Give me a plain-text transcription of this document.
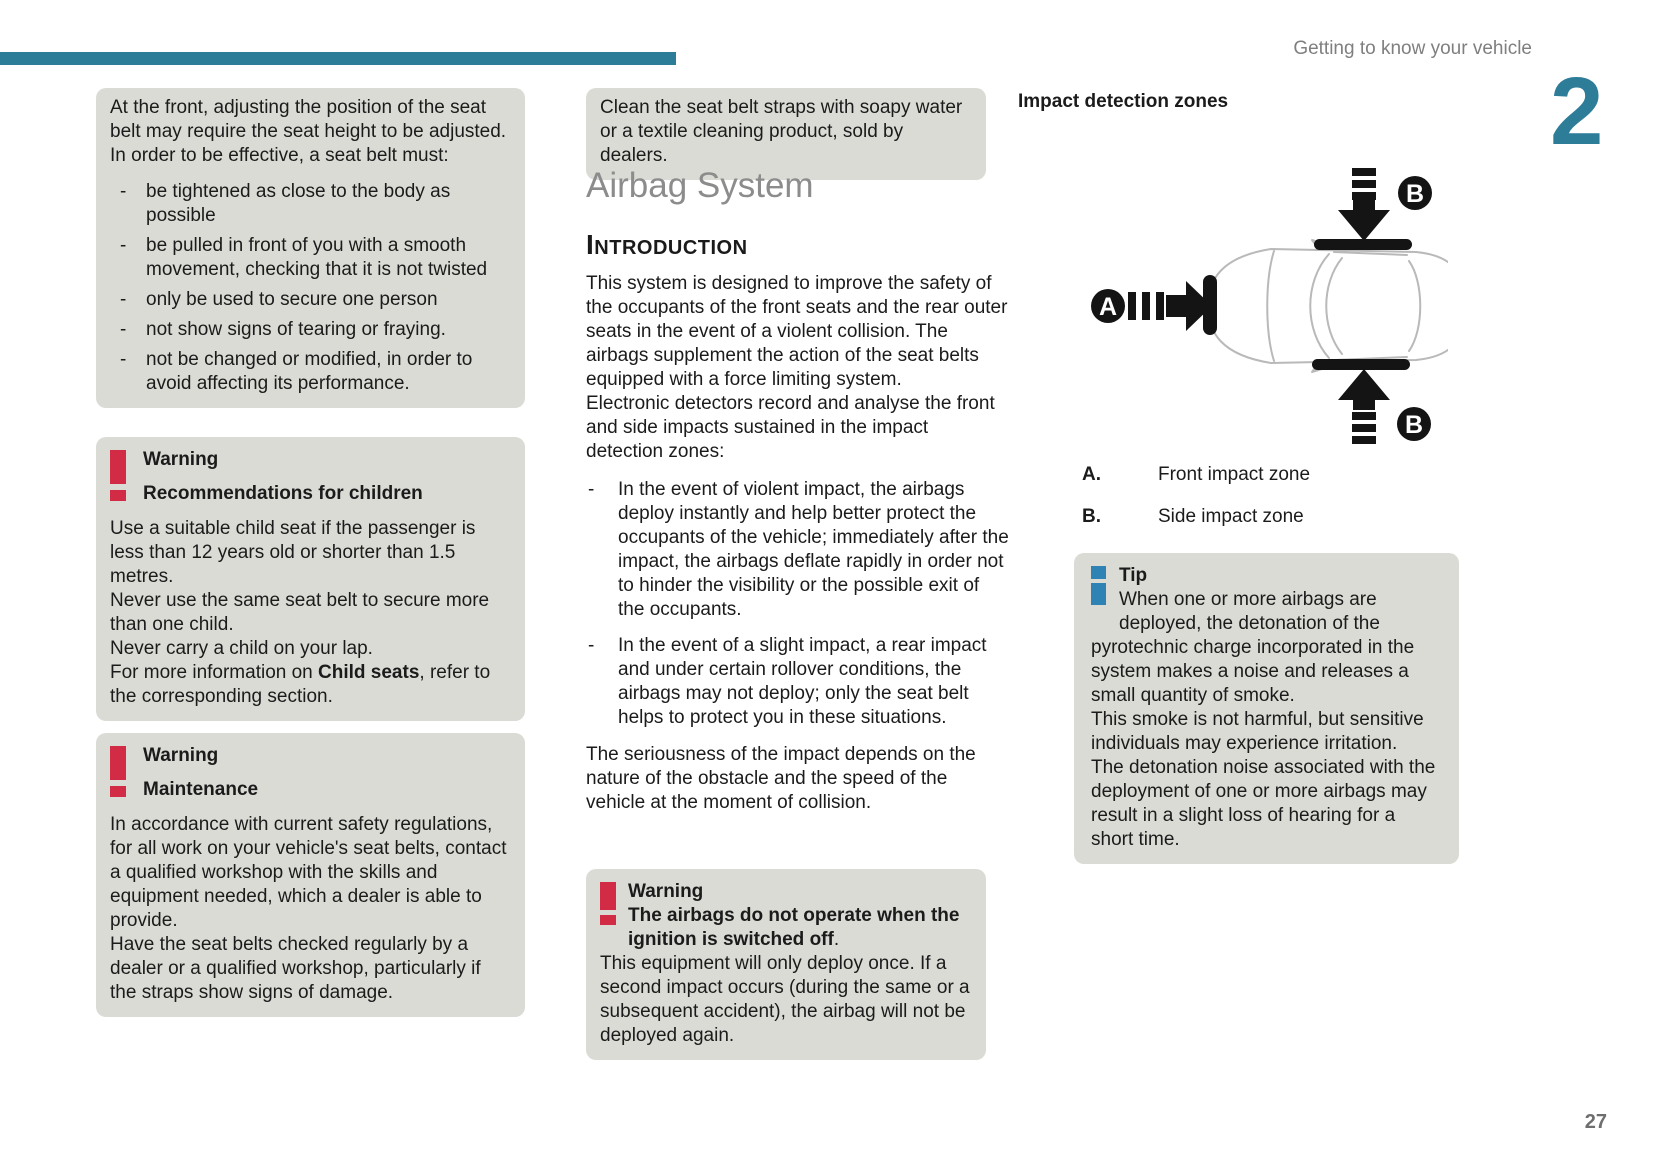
Getting to know your vehicle
2
27
At the front, adjusting the position of the seat belt may require the seat height to be adjusted.
In order to be effective, a seat belt must:
-	be tightened as close to the body as possible
-	be pulled in front of you with a smooth movement, checking that it is not twisted
-	only be used to secure one person
-	not show signs of tearing or fraying.
-	not be changed or modified, in order to avoid affecting its performance.
Warning
Recommendations for children
Use a suitable child seat if the passenger is less than 12 years old or shorter than 1.5 metres.
Never use the same seat belt to secure more than one child.
Never carry a child on your lap.
For more information on Child seats, refer to the corresponding section.
Warning
Maintenance
In accordance with current safety regulations, for all work on your vehicle's seat belts, contact a qualified workshop with the skills and equipment needed, which a dealer is able to provide.
Have the seat belts checked regularly by a dealer or a qualified workshop, particularly if the straps show signs of damage.
Clean the seat belt straps with soapy water or a textile cleaning product, sold by dealers.
Airbag System
Introduction
This system is designed to improve the safety of the occupants of the front seats and the rear outer seats in the event of a violent collision. The airbags supplement the action of the seat belts equipped with a force limiting system.
Electronic detectors record and analyse the front and side impacts sustained in the impact detection zones:
-	In the event of violent impact, the airbags deploy instantly and help better protect the occupants of the vehicle; immediately after the impact, the airbags deflate rapidly in order not to hinder the visibility or the possible exit of the occupants.
-	In the event of a slight impact, a rear impact and under certain rollover conditions, the airbags may not deploy; only the seat belt helps to protect you in these situations.
The seriousness of the impact depends on the nature of the obstacle and the speed of the vehicle at the moment of collision.
Warning
The airbags do not operate when the ignition is switched off.
This equipment will only deploy once. If a second impact occurs (during the same or a subsequent accident), the airbag will not be deployed again.
Impact detection zones
A
B
B
A.	Front impact zone
B.	Side impact zone
Tip
When one or more airbags are deployed, the detonation of the pyrotechnic charge incorporated in the system makes a noise and releases a small quantity of smoke.
This smoke is not harmful, but sensitive individuals may experience irritation.
The detonation noise associated with the deployment of one or more airbags may result in a slight loss of hearing for a short time.
